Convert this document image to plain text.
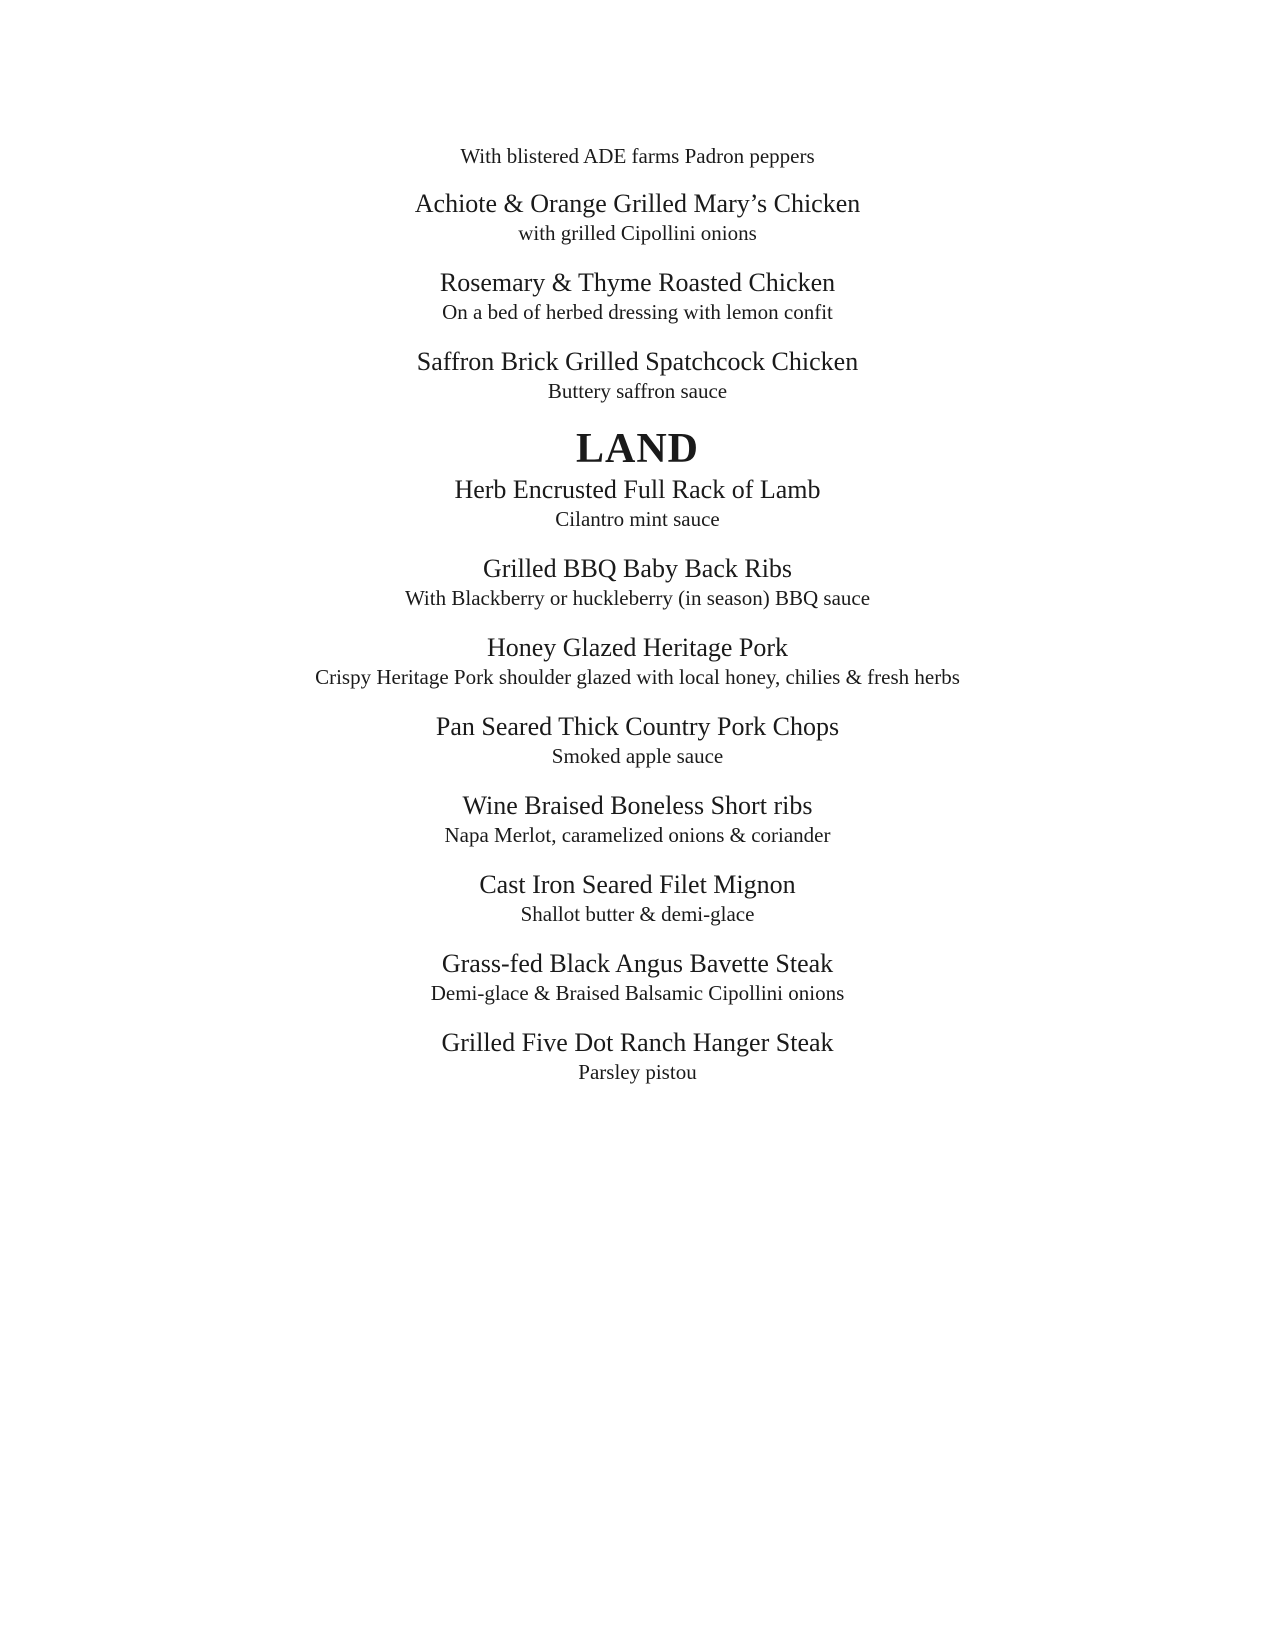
With blistered ADE farms Padron peppers

Achiote & Orange Grilled Mary’s Chicken

with grilled Cipollini onions

Rosemary & Thyme Roasted Chicken

On a bed of herbed dressing with lemon confit

Saffron Brick Grilled Spatchcock Chicken

Buttery saffron sauce

LAND

Herb Encrusted Full Rack of Lamb

Cilantro mint sauce

Grilled BBQ Baby Back Ribs

With Blackberry or huckleberry (in season) BBQ sauce

Honey Glazed Heritage Pork

Crispy Heritage Pork shoulder glazed with local honey, chilies & fresh herbs

Pan Seared Thick Country Pork Chops

Smoked apple sauce

Wine Braised Boneless Short ribs

Napa Merlot, caramelized onions & coriander

Cast Iron Seared Filet Mignon

Shallot butter & demi-glace

Grass-fed Black Angus Bavette Steak

Demi-glace & Braised Balsamic Cipollini onions

Grilled Five Dot Ranch Hanger Steak

Parsley pistou
